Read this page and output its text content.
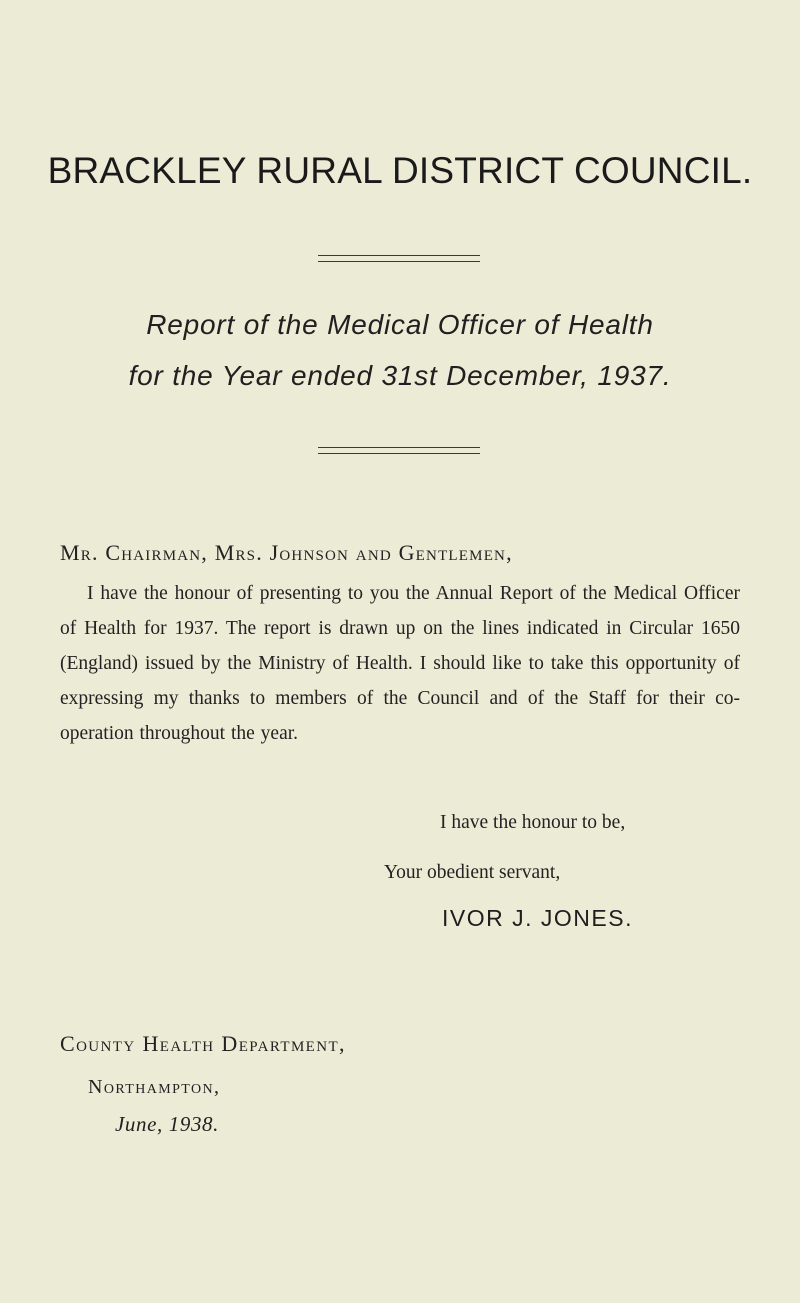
BRACKLEY RURAL DISTRICT COUNCIL.
Report of the Medical Officer of Health
for the Year ended 31st December, 1937.
Mr. Chairman, Mrs. Johnson and Gentlemen,
I have the honour of presenting to you the Annual Report of the Medical Officer of Health for 1937. The report is drawn up on the lines indicated in Circular 1650 (England) issued by the Ministry of Health. I should like to take this opportunity of expressing my thanks to members of the Council and of the Staff for their co-operation throughout the year.
I have the honour to be,
Your obedient servant,
IVOR J. JONES.
County Health Department,
Northampton,
June, 1938.
